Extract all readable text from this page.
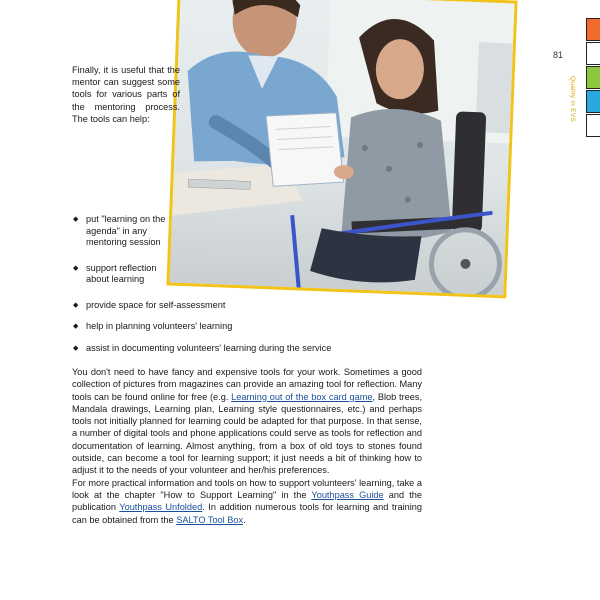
Finally, it is useful that the mentor can suggest some tools for various parts of the mentoring process. The tools can help:

◆ put "learning on the agenda" in any mentoring session
◆ support reflection about learning
◆ provide space for self-assessment
◆ help in planning volunteers' learning
◆ assist in documenting volunteers' learning during the service

You don't need to have fancy and expensive tools for your work. Sometimes a good collection of pictures from magazines can provide an amazing tool for reflection. Many tools can be found online for free (e.g. Learning out of the box card game, Blob trees, Mandala drawings, Learning plan, Learning style questionnaires, etc.) and perhaps tools not initially planned for learning could be adapted for that purpose. In that sense, a number of digital tools and phone applications could serve as tools for reflection and documentation of learning. Almost anything, from a box of old toys to stones found outside, can become a tool for learning support; it just needs a bit of thinking how to adjust it to the needs of your volunteer and her/his preferences.
For more practical information and tools on how to support volunteers' learning, take a look at the chapter "How to Support Learning" in the Youthpass Guide and the publication Youthpass Unfolded. In addition numerous tools for learning and training can be obtained from the SALTO Tool Box.

81
Quality in EVS
